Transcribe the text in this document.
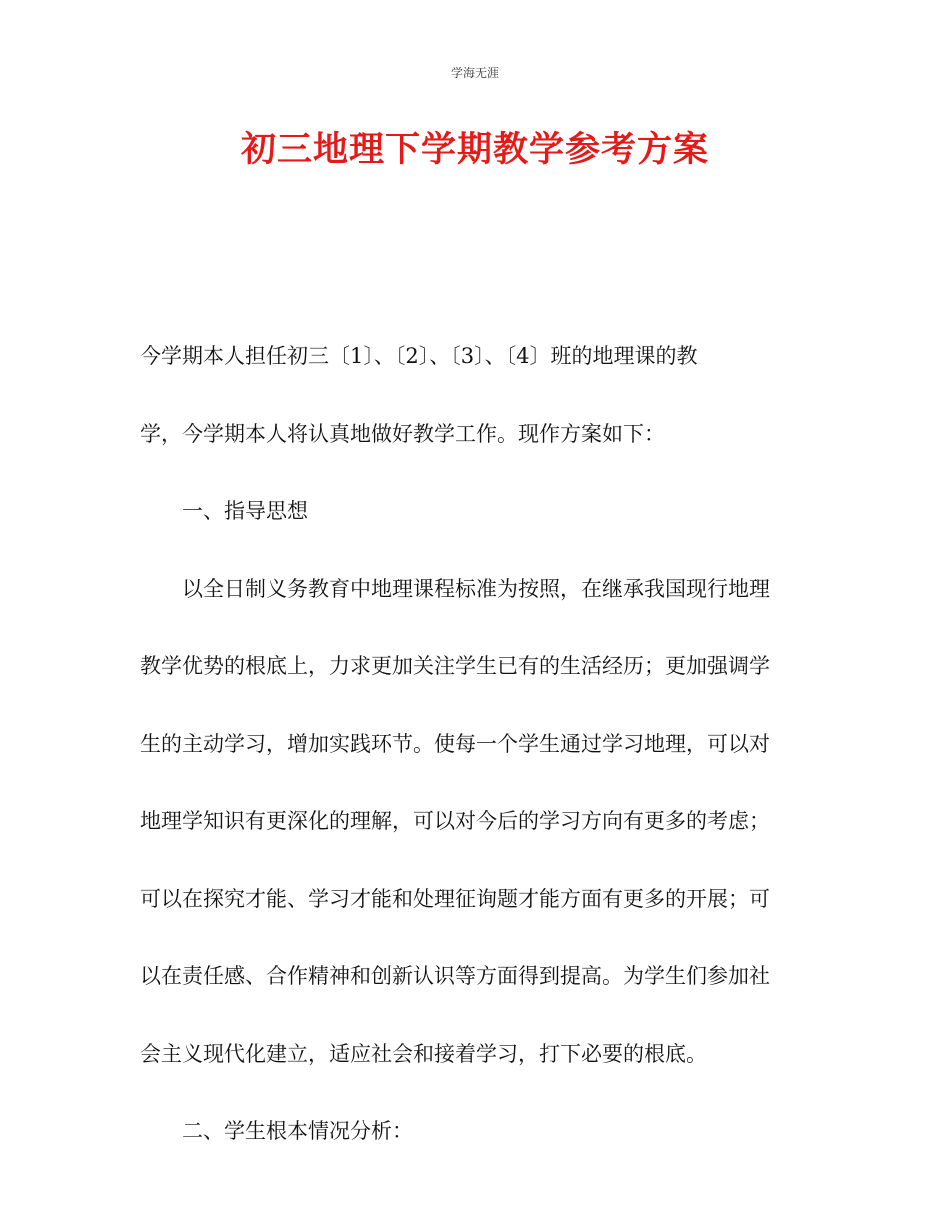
学海无涯
初三地理下学期教学参考方案
今学期本人担任初三〔1〕、〔2〕、〔3〕、〔4〕班的地理课的教
学，今学期本人将认真地做好教学工作。现作方案如下：
一、指导思想
以全日制义务教育中地理课程标准为按照，在继承我国现行地理
教学优势的根底上，力求更加关注学生已有的生活经历；更加强调学
生的主动学习，增加实践环节。使每一个学生通过学习地理，可以对
地理学知识有更深化的理解，可以对今后的学习方向有更多的考虑；
可以在探究才能、学习才能和处理征询题才能方面有更多的开展；可
以在责任感、合作精神和创新认识等方面得到提高。为学生们参加社
会主义现代化建立，适应社会和接着学习，打下必要的根底。
二、学生根本情况分析：
